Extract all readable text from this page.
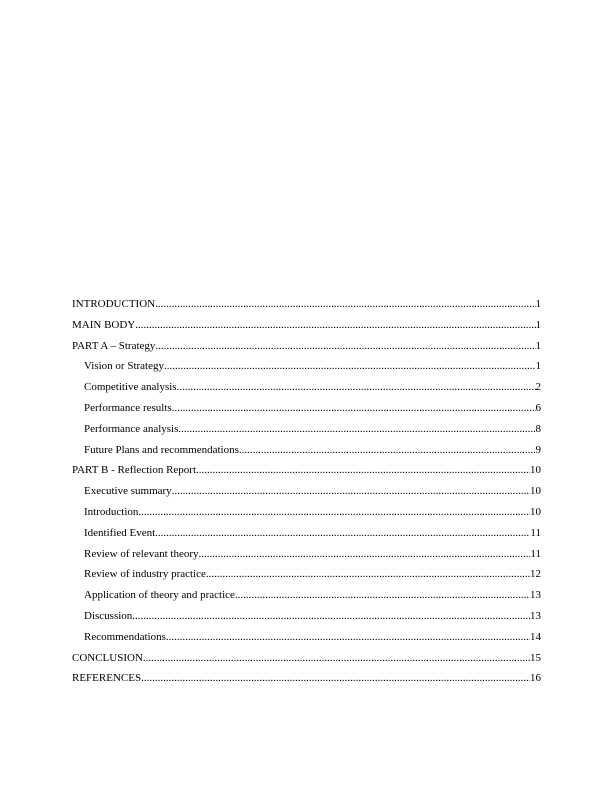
INTRODUCTION .....	1
MAIN BODY .....	1
PART A – Strategy .....	1
Vision or Strategy .....	1
Competitive analysis .....	2
Performance results .....	6
Performance analysis .....	8
Future Plans and recommendations .....	9
PART B - Reflection Report .....	10
Executive summary .....	10
Introduction .....	10
Identified Event .....	11
Review of relevant theory .....	11
Review of industry practice .....	12
Application of theory and practice .....	13
Discussion .....	13
Recommendations .....	14
CONCLUSION .....	15
REFERENCES .....	16
